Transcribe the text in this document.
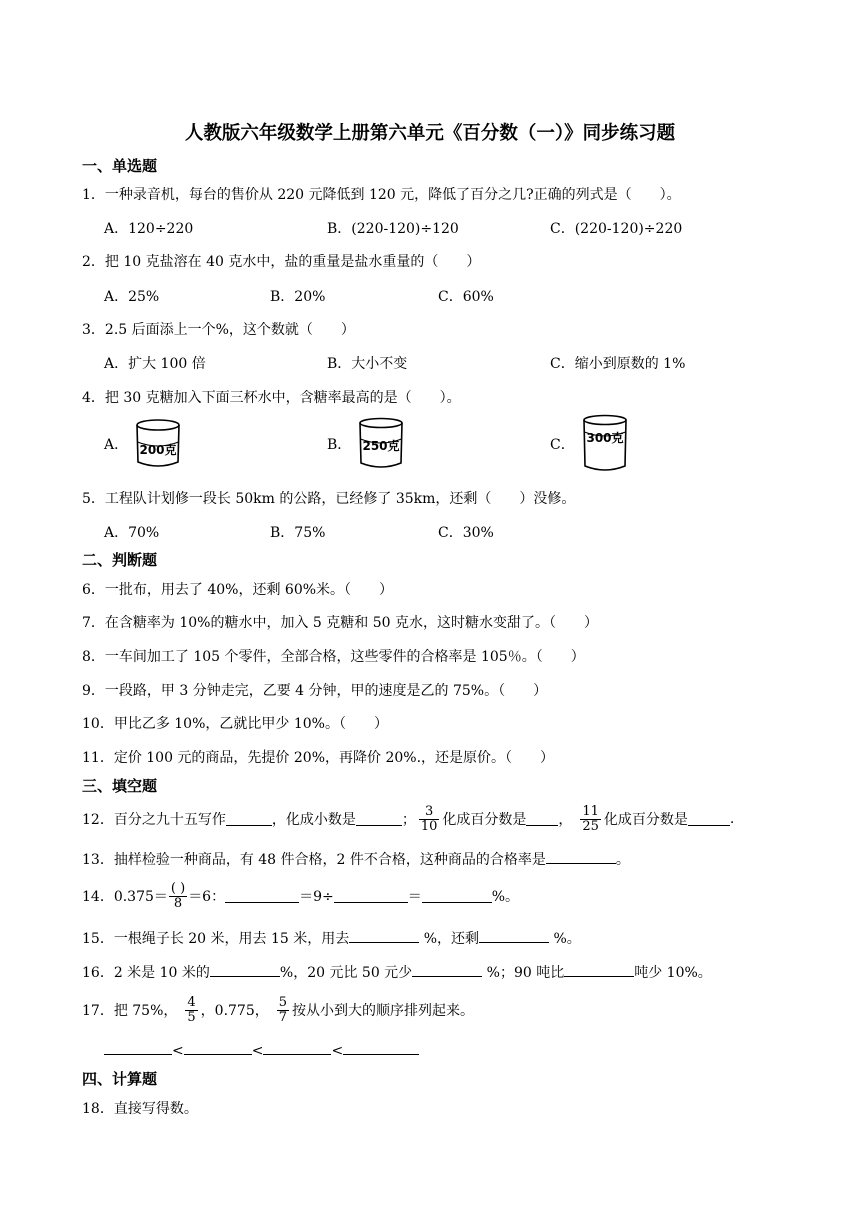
人教版六年级数学上册第六单元《百分数（一）》同步练习题
一、单选题
1．一种录音机，每台的售价从 220 元降低到 120 元，降低了百分之几?正确的列式是（　　）。
A．120÷220	B．(220-120)÷120	C．(220-120)÷220
2．把 10 克盐溶在 40 克水中，盐的重量是盐水重量的（　　）
A．25%	B．20%	C．60%
3．2.5 后面添上一个%，这个数就（　　）
A．扩大 100 倍	B．大小不变	C．缩小到原数的 1%
4．把 30 克糖加入下面三杯水中，含糖率最高的是（　　）。
A． 200克	B． 250克	C． 300克
5．工程队计划修一段长 50km 的公路，已经修了 35km，还剩（　　）没修。
A．70%	B．75%	C．30%
二、判断题
6．一批布，用去了 40%，还剩 60%米。（　　）
7．在含糖率为 10%的糖水中，加入 5 克糖和 50 克水，这时糖水变甜了。（　　）
8．一车间加工了 105 个零件，全部合格，这些零件的合格率是 105％。（　　）
9．一段路，甲 3 分钟走完，乙要 4 分钟，甲的速度是乙的 75%。（　　）
10．甲比乙多 10%，乙就比甲少 10%。（　　）
11．定价 100 元的商品，先提价 20%，再降价 20%.，还是原价。（　　）
三、填空题
12．百分之九十五写作	，化成小数是	； $\frac{3}{10}$ 化成百分数是 ， $\frac{11}{25}$ 化成百分数是	.
13．抽样检验一种商品，有 48 件合格，2 件不合格，这种商品的合格率是	。
14．$0.375= \frac{( )}{8} =6$：	＝9÷	＝	%。
15．一根绳子长 20 米，用去 15 米，用去	%，还剩	%。
16．2 米是 10 米的	%，20 元比 50 元少	%；90 吨比	吨少 10%。
17．把 75%， $\frac{4}{5}$ ，0.775， $\frac{5}{7}$ 按从小到大的顺序排列起来。
<	<	<
四、计算题
18．直接写得数。
